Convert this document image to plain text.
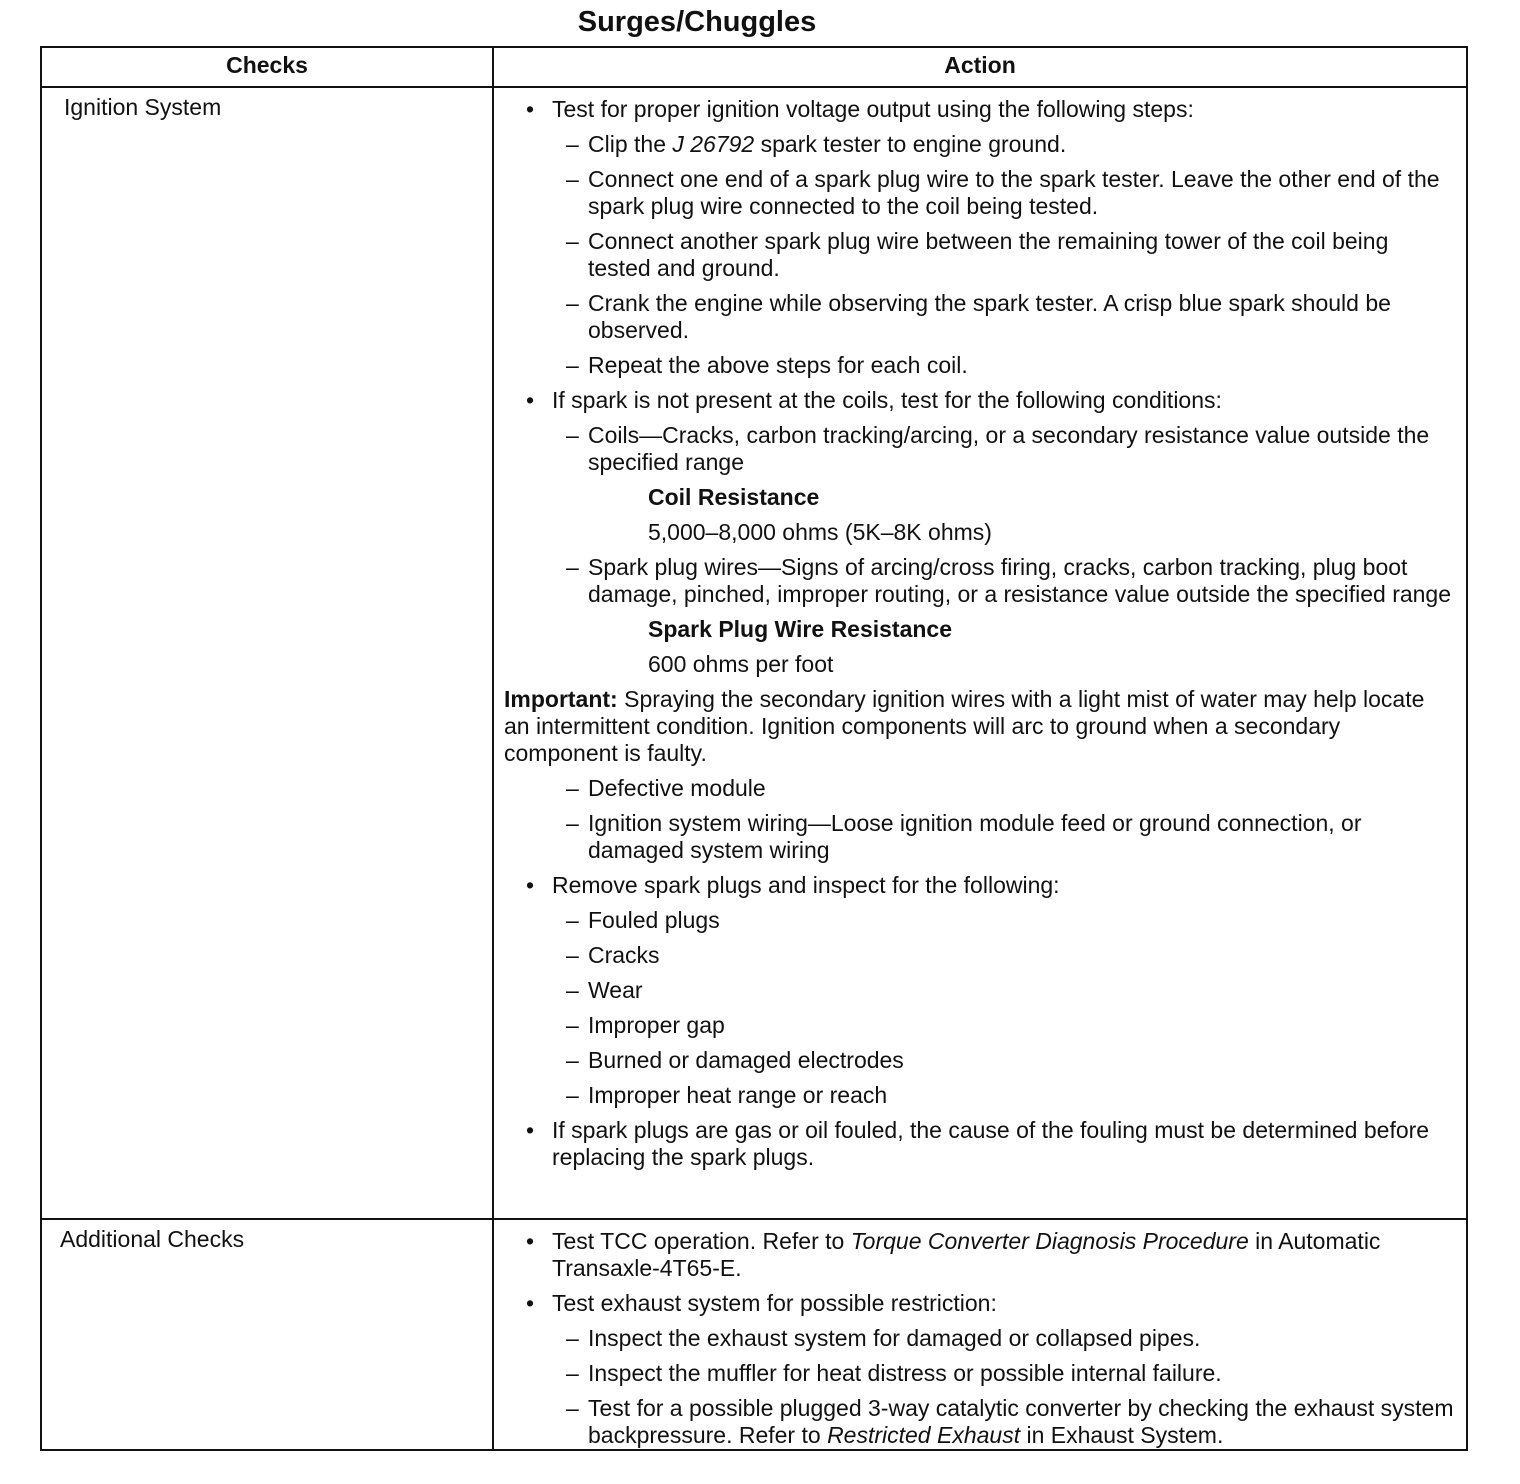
Surges/Chuggles
Checks	Action
Ignition System	• Test for proper ignition voltage output using the following steps:
– Clip the J 26792 spark tester to engine ground.
– Connect one end of a spark plug wire to the spark tester. Leave the other end of the spark plug wire connected to the coil being tested.
– Connect another spark plug wire between the remaining tower of the coil being tested and ground.
– Crank the engine while observing the spark tester. A crisp blue spark should be observed.
– Repeat the above steps for each coil.
• If spark is not present at the coils, test for the following conditions:
– Coils—Cracks, carbon tracking/arcing, or a secondary resistance value outside the specified range
Coil Resistance
5,000–8,000 ohms (5K–8K ohms)
– Spark plug wires—Signs of arcing/cross firing, cracks, carbon tracking, plug boot damage, pinched, improper routing, or a resistance value outside the specified range
Spark Plug Wire Resistance
600 ohms per foot
Important: Spraying the secondary ignition wires with a light mist of water may help locate an intermittent condition. Ignition components will arc to ground when a secondary component is faulty.
– Defective module
– Ignition system wiring—Loose ignition module feed or ground connection, or damaged system wiring
• Remove spark plugs and inspect for the following:
– Fouled plugs
– Cracks
– Wear
– Improper gap
– Burned or damaged electrodes
– Improper heat range or reach
• If spark plugs are gas or oil fouled, the cause of the fouling must be determined before replacing the spark plugs.
Additional Checks	• Test TCC operation. Refer to Torque Converter Diagnosis Procedure in Automatic Transaxle-4T65-E.
• Test exhaust system for possible restriction:
– Inspect the exhaust system for damaged or collapsed pipes.
– Inspect the muffler for heat distress or possible internal failure.
– Test for a possible plugged 3-way catalytic converter by checking the exhaust system backpressure. Refer to Restricted Exhaust in Exhaust System.
